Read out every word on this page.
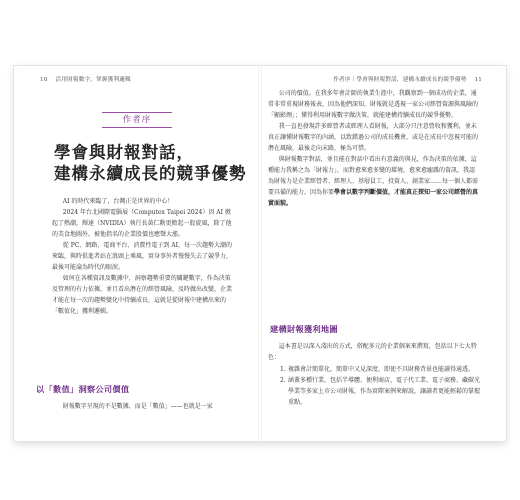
10 活用財報數字，掌握獲利邏輯
作者序
學會與財報對話，
建構永續成長的競爭優勢

AI 的時代來臨了，台灣正是世界的中心！

2024 年台北國際電腦展（Computex Taipei 2024）因 AI 掀起了熱潮，輝達（NVIDIA）執行長黃仁勳更掀起一股旋風，除了他的美食地圖外，被他指名的企業股價也應聲大漲。

從 PC、網路、電商平台、消費性電子到 AI，每一次趨勢大潮的來臨，與時俱進者站在浪頭上乘風，實身事外者慢慢失去了競爭力，最後可能淪為時代的眼淚。

如何在各種資訊及數據中，洞察趨勢重要的關鍵數字，作為決策及管理的有力依據，並且看出潛在的經營風險，及時做出改變，企業才能在每一次的趨勢變化中持續成長，這就是從財報中建構出來的「數值化」獲利邏輯。

以「數值」洞察公司價值

財報數字呈現的不是數據，而是「數值」——也就是一家

作者序｜學會與財報對話，建構永續成長的競爭優勢 11

公司的價值。在我多年會計師的執業生涯中，我觀察到一個成功的企業，通常非常重視財務報表，因為他們深知，財報就是透視一家公司經營資源與風險的「顯影劑」；懂得利用財報數字做決策，就能建構持續成長的競爭優勢。

我一直也發現許多經營者或經理人看財報，大部分只注意營收和獲利，並未真正讓懂財報數字的內涵，以致錯過公司的成長機會，或是在成長中忽視可能的潛在風險，最後走向末路，極為可惜。

與財報數字對話，並且能在對話中看出有意義的與見，作為決策的依據，這種能力我稱之為「財報力」，而對愈來愈多變的環境，愈來愈龐雜的資訊，我認為財報力是企業經營者、經理人、基層員工、投資人、創業家……每一個人都需要具備的能力，因為你要學會以數字判斷價值，才能真正探知一家公司經營的真實面貌。

建構財報獲利地圖

這本書是以深入淺出的方式，搭配多元的企業個案來撰寫，包括以下七大特色：

1. 複雜會計簡單化，簡單中又見深度，即使不具財務背景也能讀得通透。
2. 涵蓋多種行業，包括半導體、便利商店、電子代工業、電子商務、藏碳光學業等多家上市公司財報，作為實際案例來解說，讓讀者更能輕鬆的掌握重點。
